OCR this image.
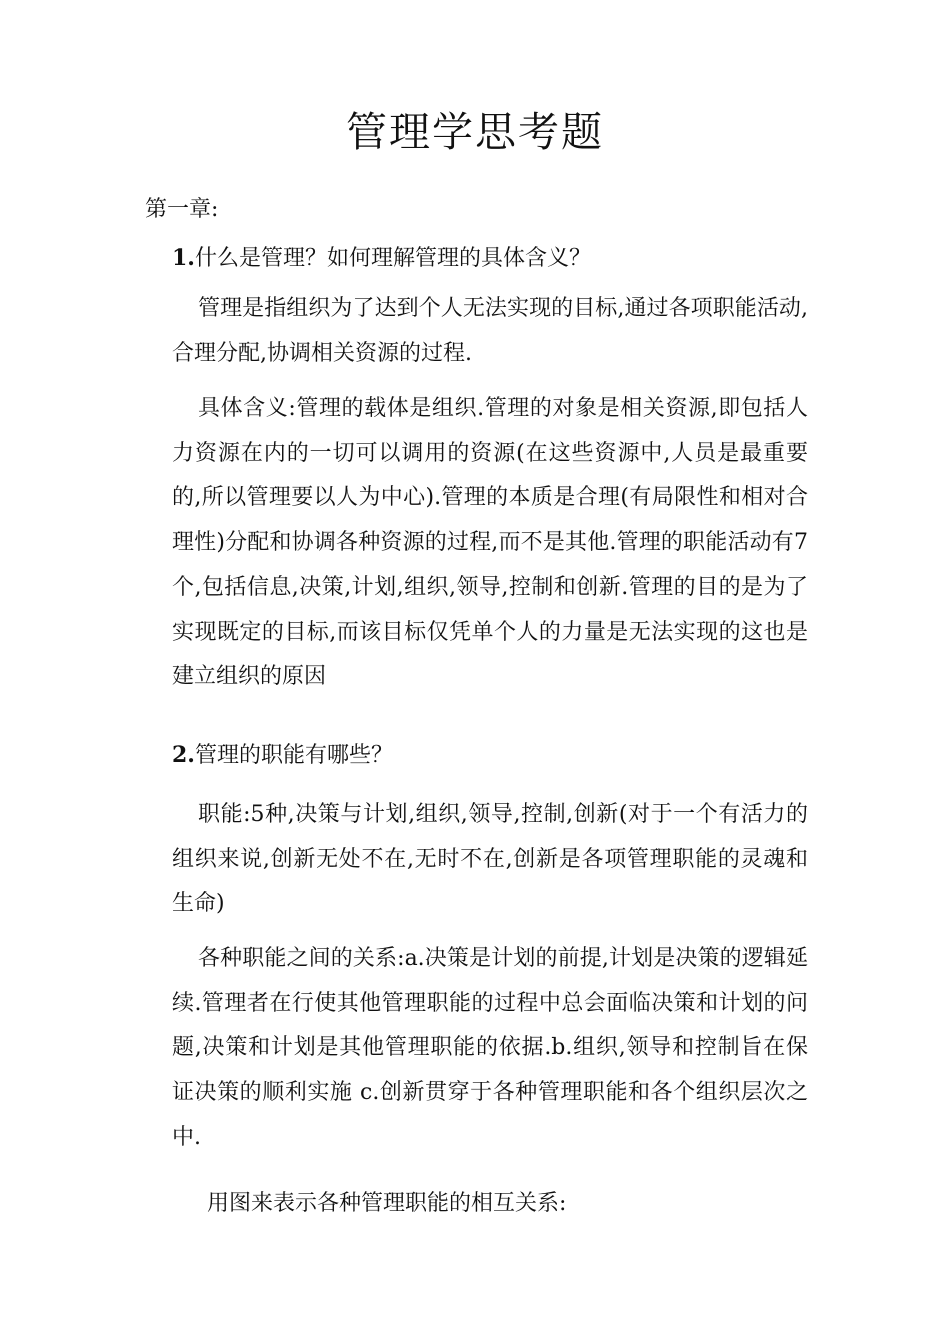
管理学思考题

第一章:

1.什么是管理？如何理解管理的具体含义？

管理是指组织为了达到个人无法实现的目标,通过各项职能活动,合理分配,协调相关资源的过程.

具体含义:管理的载体是组织.管理的对象是相关资源,即包括人力资源在内的一切可以调用的资源(在这些资源中,人员是最重要的,所以管理要以人为中心).管理的本质是合理(有局限性和相对合理性)分配和协调各种资源的过程,而不是其他.管理的职能活动有7个,包括信息,决策,计划,组织,领导,控制和创新.管理的目的是为了实现既定的目标,而该目标仅凭单个人的力量是无法实现的这也是建立组织的原因

2.管理的职能有哪些？

职能:5种,决策与计划,组织,领导,控制,创新(对于一个有活力的组织来说,创新无处不在,无时不在,创新是各项管理职能的灵魂和生命)

各种职能之间的关系:a.决策是计划的前提,计划是决策的逻辑延续.管理者在行使其他管理职能的过程中总会面临决策和计划的问题,决策和计划是其他管理职能的依据.b.组织,领导和控制旨在保证决策的顺利实施 c.创新贯穿于各种管理职能和各个组织层次之中.

用图来表示各种管理职能的相互关系:
